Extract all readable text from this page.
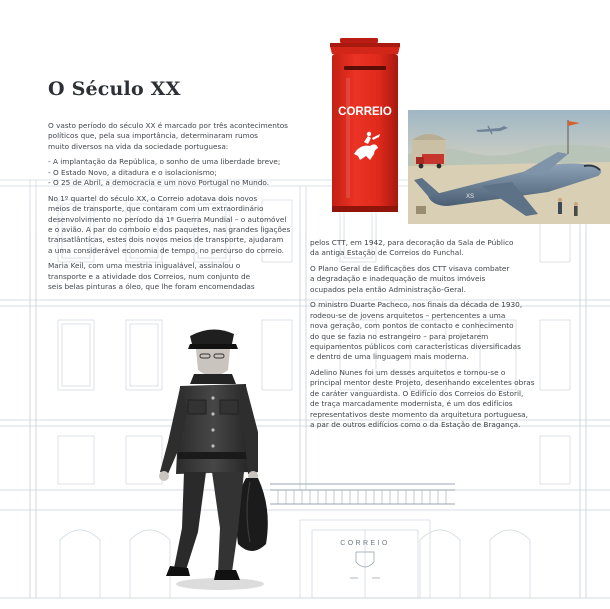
CORREIO
O Século XX

O vasto período do século XX é marcado por três acontecimentos
políticos que, pela sua importância, determinaram rumos
muito diversos na vida da sociedade portuguesa:

- A implantação da República, o sonho de uma liberdade breve;
- O Estado Novo, a ditadura e o isolacionismo;
- O 25 de Abril, a democracia e um novo Portugal no Mundo.

No 1º quartel do século XX, o Correio adotava dois novos
meios de transporte, que contaram com um extraordinário
desenvolvimento no período da 1ª Guerra Mundial – o automóvel
e o avião. A par do comboio e dos paquetes, nas grandes ligações
transatlânticas, estes dois novos meios de transporte, ajudaram
a uma considerável economia de tempo, no percurso do correio.

Maria Keil, com uma mestria inigualável, assinalou o
transporte e a atividade dos Correios, num conjunto de
seis belas pinturas a óleo, que lhe foram encomendadas

pelos CTT, em 1942, para decoração da Sala de Público
da antiga Estação de Correios do Funchal.

O Plano Geral de Edificações dos CTT visava combater
a degradação e inadequação de muitos imóveis
ocupados pela então Administração-Geral.

O ministro Duarte Pacheco, nos finais da década de 1930,
rodeou-se de jovens arquitetos – pertencentes a uma
nova geração, com pontos de contacto e conhecimento
do que se fazia no estrangeiro – para projetarem
equipamentos públicos com características diversificadas
e dentro de uma linguagem mais moderna.

Adelino Nunes foi um desses arquitetos e tornou-se o
principal mentor deste Projeto, desenhando excelentes obras
de caráter vanguardista. O Edifício dos Correios do Estoril,
de traça marcadamente modernista, é um dos edifícios
representativos deste momento da arquitetura portuguesa,
a par de outros edifícios como o da Estação de Bragança.

XS
CORREIO
